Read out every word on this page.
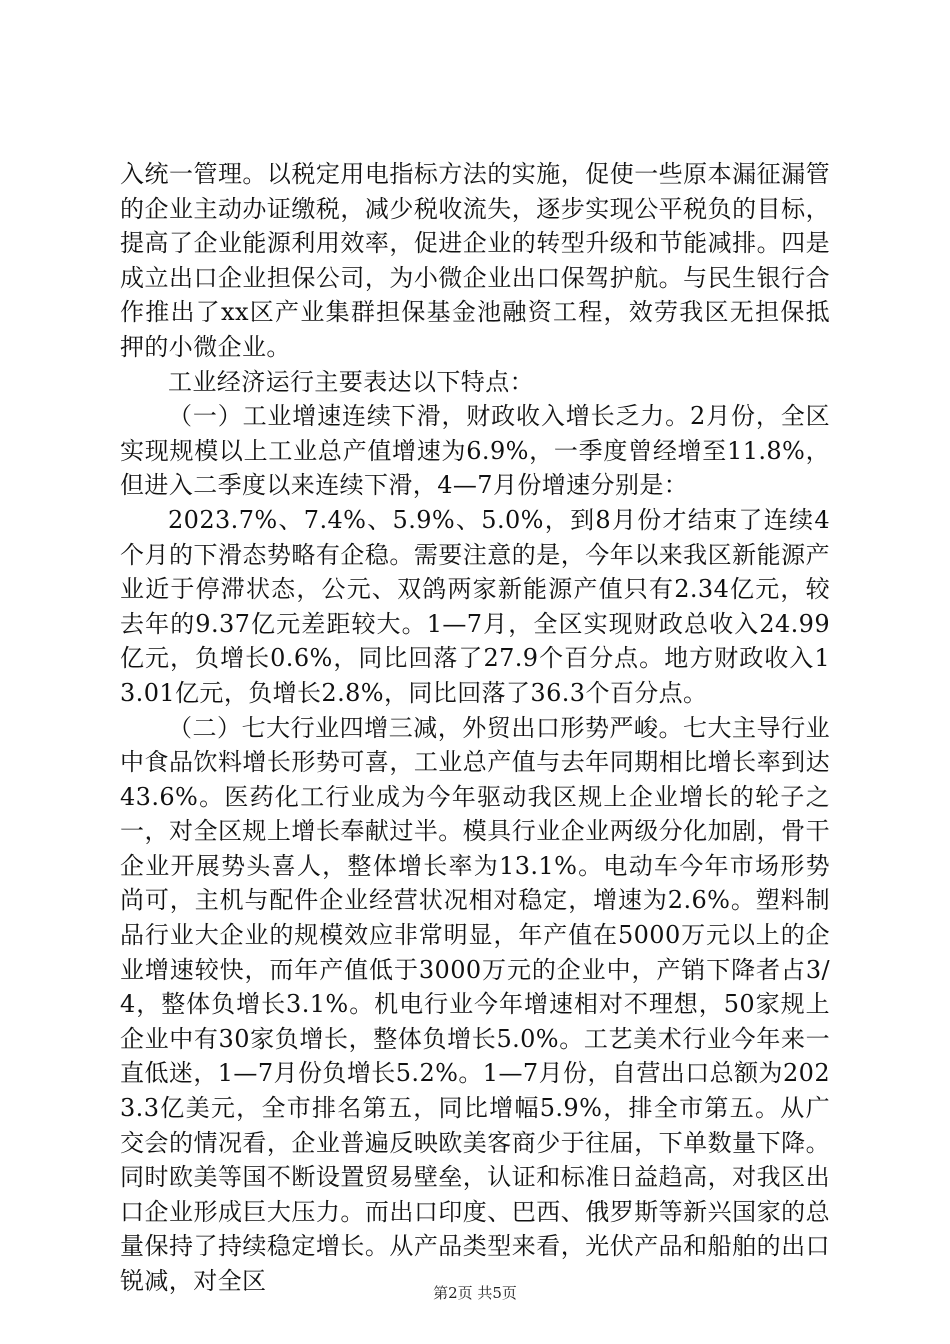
入统一管理。以税定用电指标方法的实施，促使一些原本漏征漏管的企业主动办证缴税，减少税收流失，逐步实现公平税负的目标，提高了企业能源利用效率，促进企业的转型升级和节能减排。四是成立出口企业担保公司，为小微企业出口保驾护航。与民生银行合作推出了xx区产业集群担保基金池融资工程，效劳我区无担保抵押的小微企业。

工业经济运行主要表达以下特点：

（一）工业增速连续下滑，财政收入增长乏力。2月份，全区实现规模以上工业总产值增速为6.9%，一季度曾经增至11.8%，但进入二季度以来连续下滑，4—7月份增速分别是：

2023.7%、7.4%、5.9%、5.0%，到8月份才结束了连续4个月的下滑态势略有企稳。需要注意的是，今年以来我区新能源产业近于停滞状态，公元、双鸽两家新能源产值只有2.34亿元，较去年的9.37亿元差距较大。1—7月，全区实现财政总收入24.99亿元，负增长0.6%，同比回落了27.9个百分点。地方财政收入13.01亿元，负增长2.8%，同比回落了36.3个百分点。

（二）七大行业四增三减，外贸出口形势严峻。七大主导行业中食品饮料增长形势可喜，工业总产值与去年同期相比增长率到达43.6%。医药化工行业成为今年驱动我区规上企业增长的轮子之一，对全区规上增长奉献过半。模具行业企业两级分化加剧，骨干企业开展势头喜人，整体增长率为13.1%。电动车今年市场形势尚可，主机与配件企业经营状况相对稳定，增速为2.6%。塑料制品行业大企业的规模效应非常明显，年产值在5000万元以上的企业增速较快，而年产值低于3000万元的企业中，产销下降者占3/4，整体负增长3.1%。机电行业今年增速相对不理想，50家规上企业中有30家负增长，整体负增长5.0%。工艺美术行业今年来一直低迷，1—7月份负增长5.2%。1—7月份，自营出口总额为2023.3亿美元，全市排名第五，同比增幅5.9%，排全市第五。从广交会的情况看，企业普遍反映欧美客商少于往届，下单数量下降。同时欧美等国不断设置贸易壁垒，认证和标准日益趋高，对我区出口企业形成巨大压力。而出口印度、巴西、俄罗斯等新兴国家的总量保持了持续稳定增长。从产品类型来看，光伏产品和船舶的出口锐减，对全区	第2页 共5页
